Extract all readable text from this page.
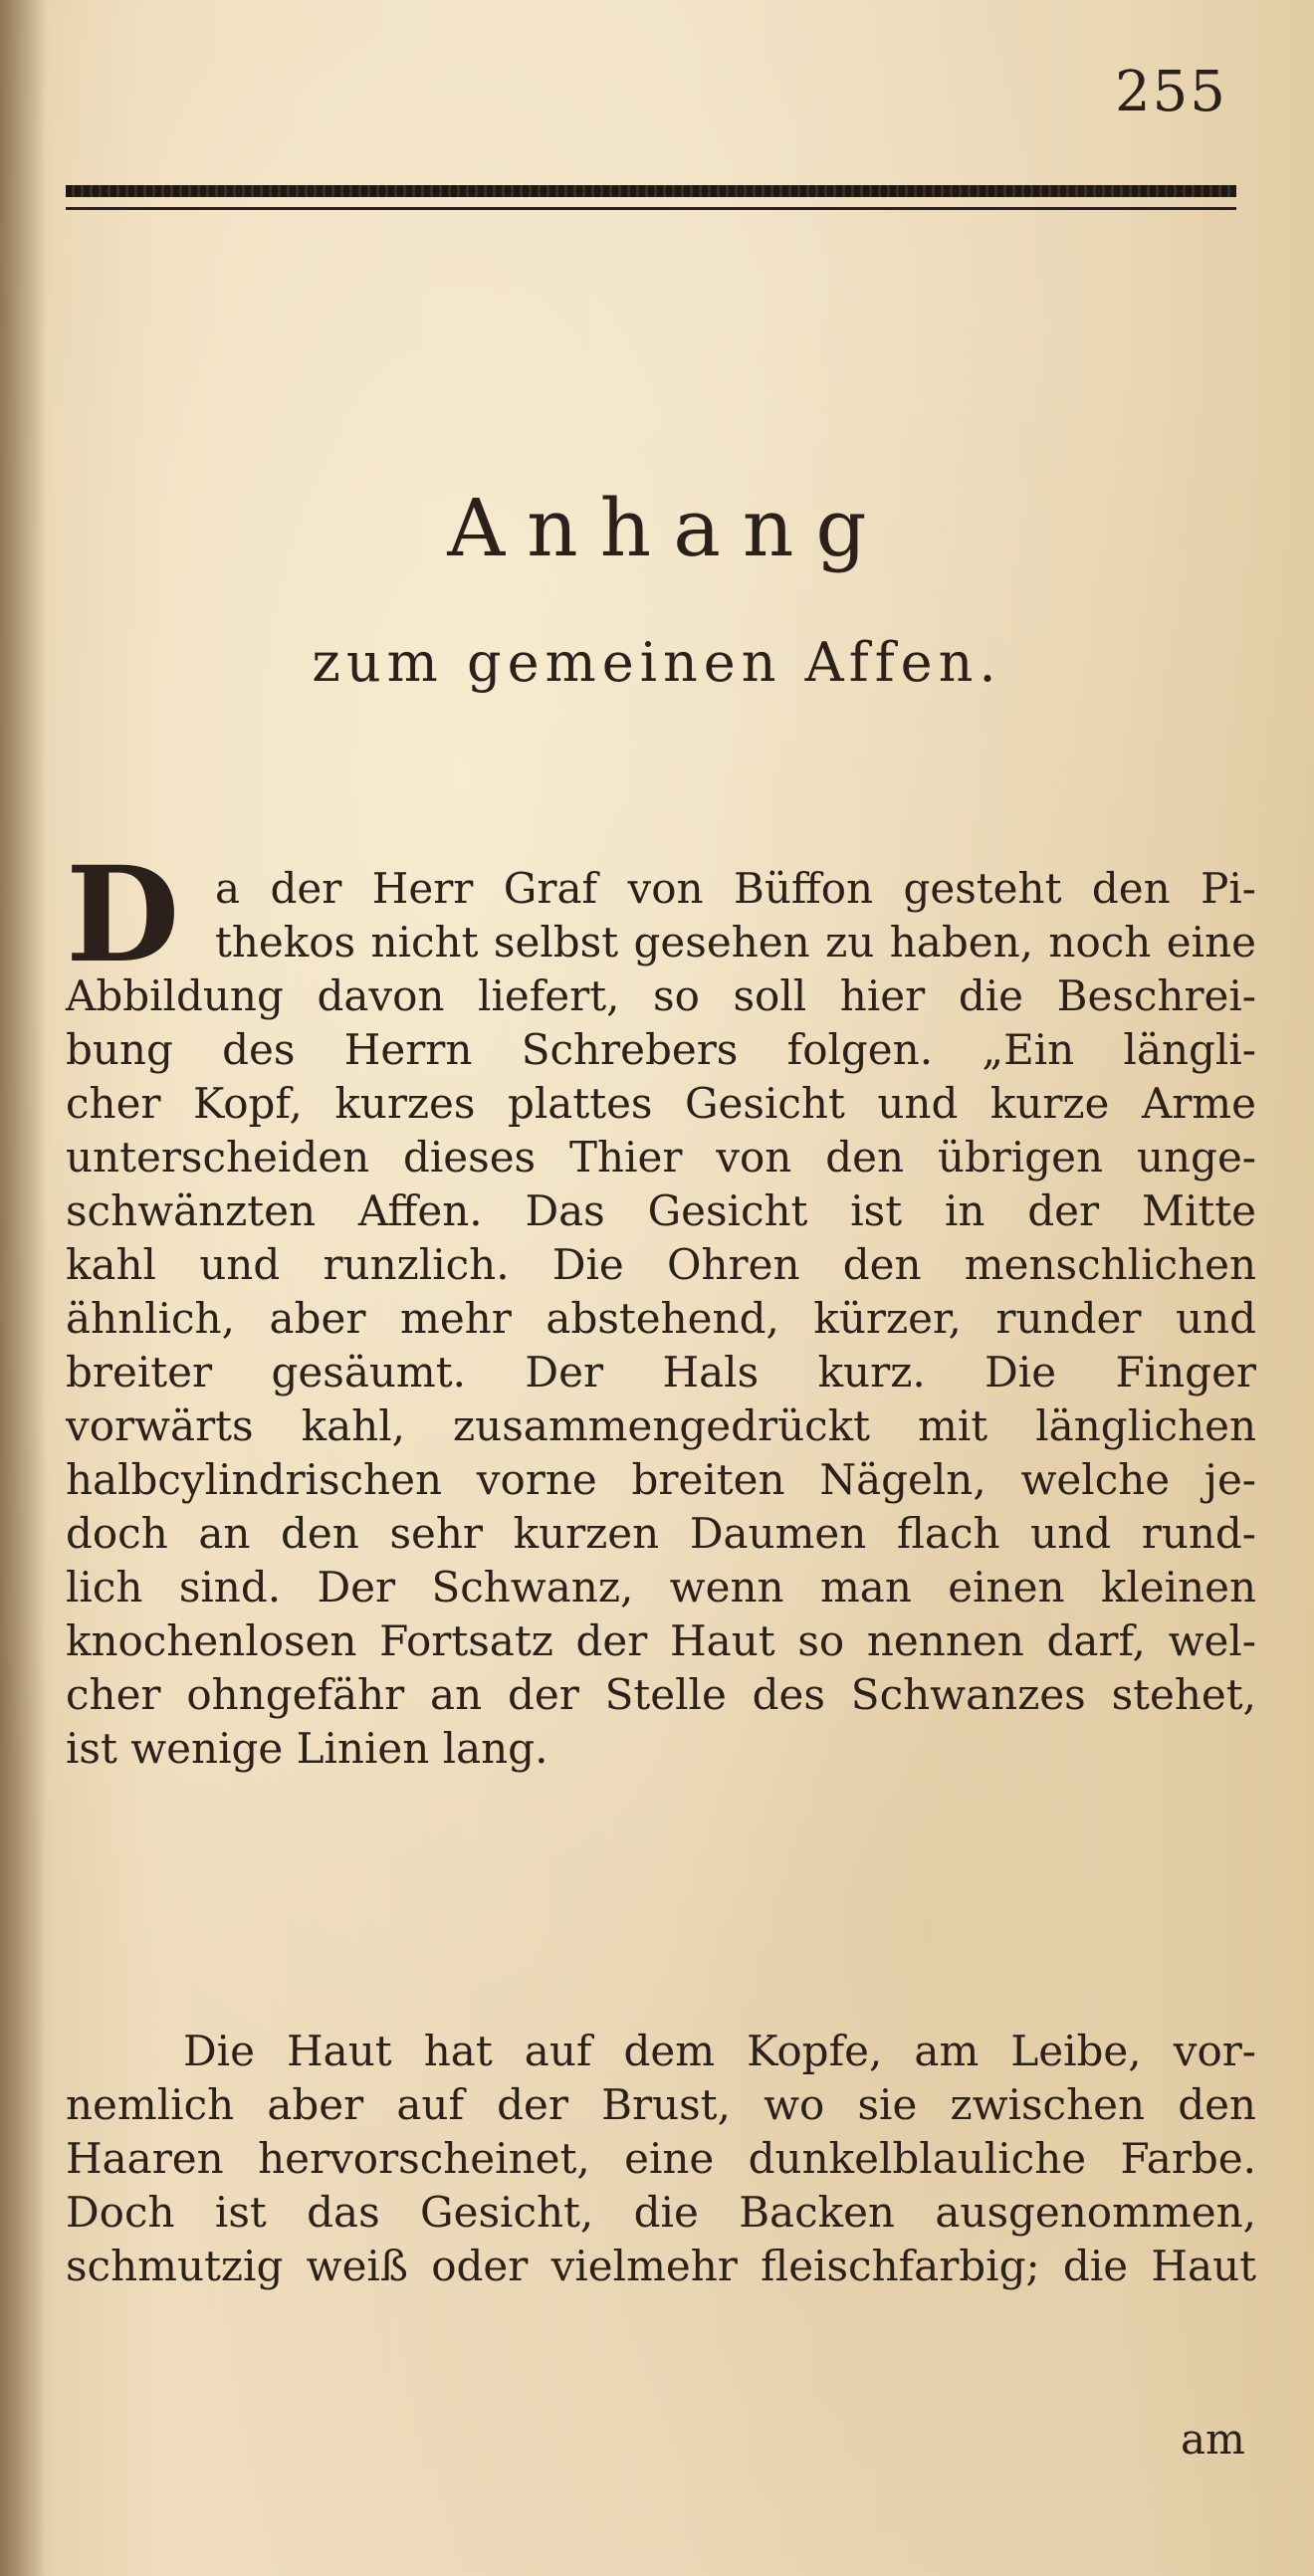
255
Anhang
zum gemeinen Affen.
D a der Herr Graf von Büffon gesteht den Pi-
thekos nicht selbst gesehen zu haben, noch eine
Abbildung davon liefert, so soll hier die Beschrei-
bung des Herrn Schrebers folgen. „Ein längli-
cher Kopf, kurzes plattes Gesicht und kurze Arme
unterscheiden dieses Thier von den übrigen unge-
schwänzten Affen. Das Gesicht ist in der Mitte
kahl und runzlich. Die Ohren den menschlichen
ähnlich, aber mehr abstehend, kürzer, runder und
breiter gesäumt. Der Hals kurz. Die Finger
vorwärts kahl, zusammengedrückt mit länglichen
halbcylindrischen vorne breiten Nägeln, welche je-
doch an den sehr kurzen Daumen flach und rund-
lich sind. Der Schwanz, wenn man einen kleinen
knochenlosen Fortsatz der Haut so nennen darf, wel-
cher ohngefähr an der Stelle des Schwanzes stehet,
ist wenige Linien lang.
Die Haut hat auf dem Kopfe, am Leibe, vor-
nemlich aber auf der Brust, wo sie zwischen den
Haaren hervorscheinet, eine dunkelblauliche Farbe.
Doch ist das Gesicht, die Backen ausgenommen,
schmutzig weiß oder vielmehr fleischfarbig; die Haut
am
